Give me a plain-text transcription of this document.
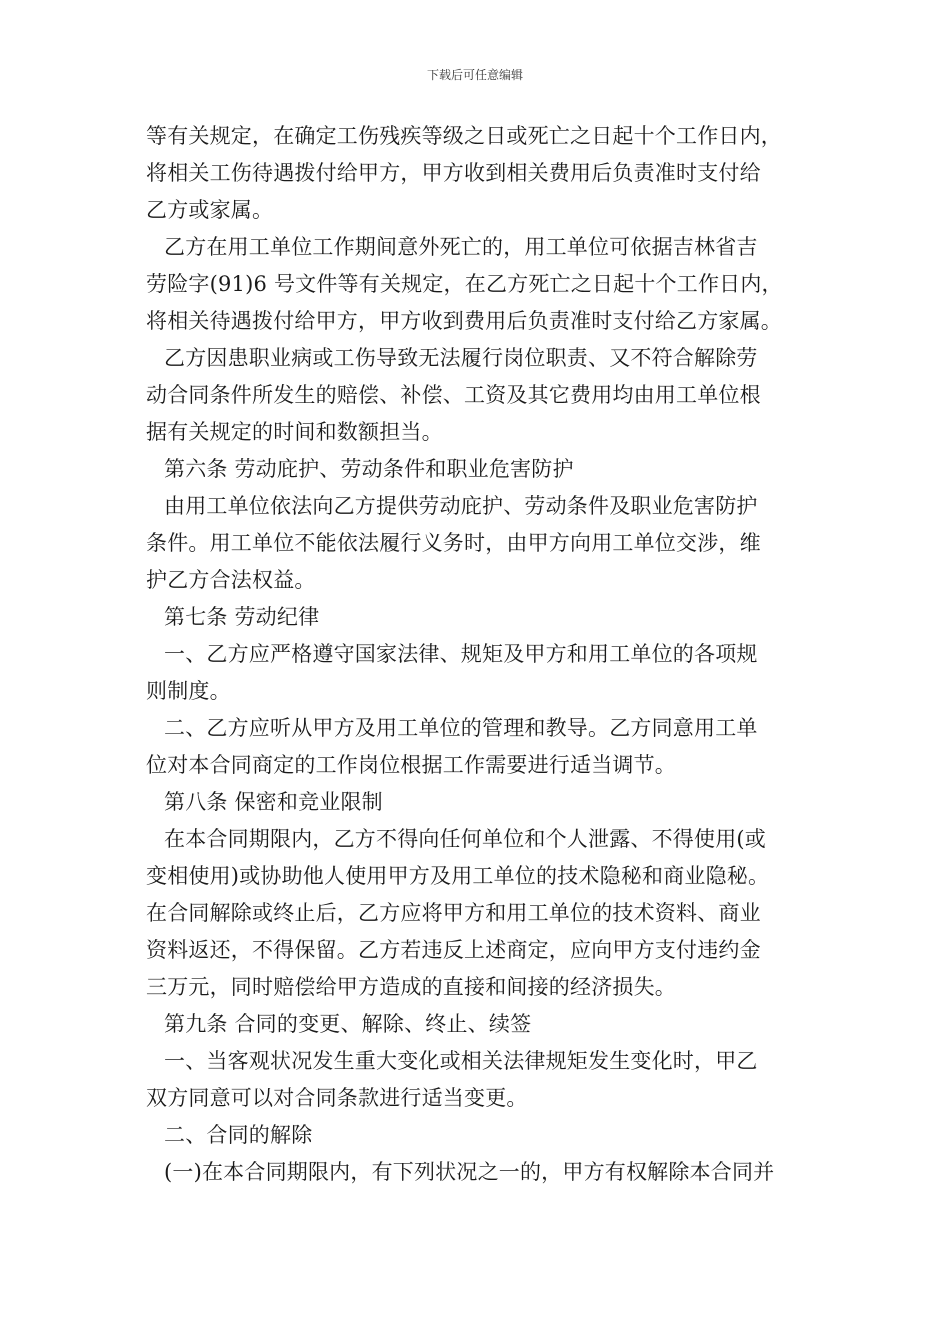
下载后可任意编辑
等有关规定，在确定工伤残疾等级之日或死亡之日起十个工作日内，
将相关工伤待遇拨付给甲方，甲方收到相关费用后负责准时支付给
乙方或家属。
乙方在用工单位工作期间意外死亡的，用工单位可依据吉林省吉
劳险字(91)6 号文件等有关规定，在乙方死亡之日起十个工作日内，
将相关待遇拨付给甲方，甲方收到费用后负责准时支付给乙方家属。
乙方因患职业病或工伤导致无法履行岗位职责、又不符合解除劳
动合同条件所发生的赔偿、补偿、工资及其它费用均由用工单位根
据有关规定的时间和数额担当。
第六条 劳动庇护、劳动条件和职业危害防护
由用工单位依法向乙方提供劳动庇护、劳动条件及职业危害防护
条件。用工单位不能依法履行义务时，由甲方向用工单位交涉，维
护乙方合法权益。
第七条 劳动纪律
一、乙方应严格遵守国家法律、规矩及甲方和用工单位的各项规
则制度。
二、乙方应听从甲方及用工单位的管理和教导。乙方同意用工单
位对本合同商定的工作岗位根据工作需要进行适当调节。
第八条 保密和竞业限制
在本合同期限内，乙方不得向任何单位和个人泄露、不得使用(或
变相使用)或协助他人使用甲方及用工单位的技术隐秘和商业隐秘。
在合同解除或终止后，乙方应将甲方和用工单位的技术资料、商业
资料返还，不得保留。乙方若违反上述商定，应向甲方支付违约金
三万元，同时赔偿给甲方造成的直接和间接的经济损失。
第九条 合同的变更、解除、终止、续签
一、当客观状况发生重大变化或相关法律规矩发生变化时，甲乙
双方同意可以对合同条款进行适当变更。
二、合同的解除
(一)在本合同期限内，有下列状况之一的，甲方有权解除本合同并
